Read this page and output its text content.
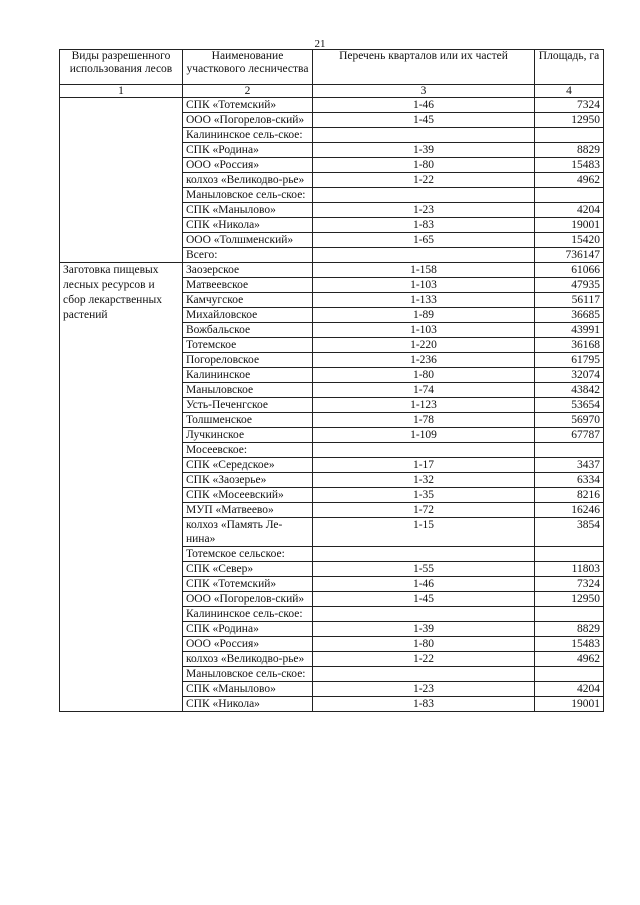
21
Виды разрешенного использования лесов	Наименование участкового лесничества	Перечень кварталов или их частей	Площадь, га
1	2	3	4
	СПК «Тотемский»	1-46	7324
	ООО «Погорелов-ский»	1-45	12950
	Калининское сель-ское:		
	СПК «Родина»	1-39	8829
	ООО «Россия»	1-80	15483
	колхоз «Великодво-рье»	1-22	4962
	Маныловское сель-ское:		
	СПК «Манылово»	1-23	4204
	СПК «Никола»	1-83	19001
	ООО «Толшменский»	1-65	15420
	Всего:		736147
Заготовка пищевых лесных ресурсов и сбор лекарственных растений	Заозерское	1-158	61066
	Матвеевское	1-103	47935
	Камчугское	1-133	56117
	Михайловское	1-89	36685
	Вожбальское	1-103	43991
	Тотемское	1-220	36168
	Погореловское	1-236	61795
	Калининское	1-80	32074
	Маныловское	1-74	43842
	Усть-Печенгское	1-123	53654
	Толшменское	1-78	56970
	Лучкинское	1-109	67787
	Мосеевское:		
	СПК «Середское»	1-17	3437
	СПК «Заозерье»	1-32	6334
	СПК «Мосеевский»	1-35	8216
	МУП «Матвеево»	1-72	16246
	колхоз «Память Ле-нина»	1-15	3854
	Тотемское сельское:		
	СПК «Север»	1-55	11803
	СПК «Тотемский»	1-46	7324
	ООО «Погорелов-ский»	1-45	12950
	Калининское сель-ское:		
	СПК «Родина»	1-39	8829
	ООО «Россия»	1-80	15483
	колхоз «Великодво-рье»	1-22	4962
	Маныловское сель-ское:		
	СПК «Манылово»	1-23	4204
	СПК «Никола»	1-83	19001
